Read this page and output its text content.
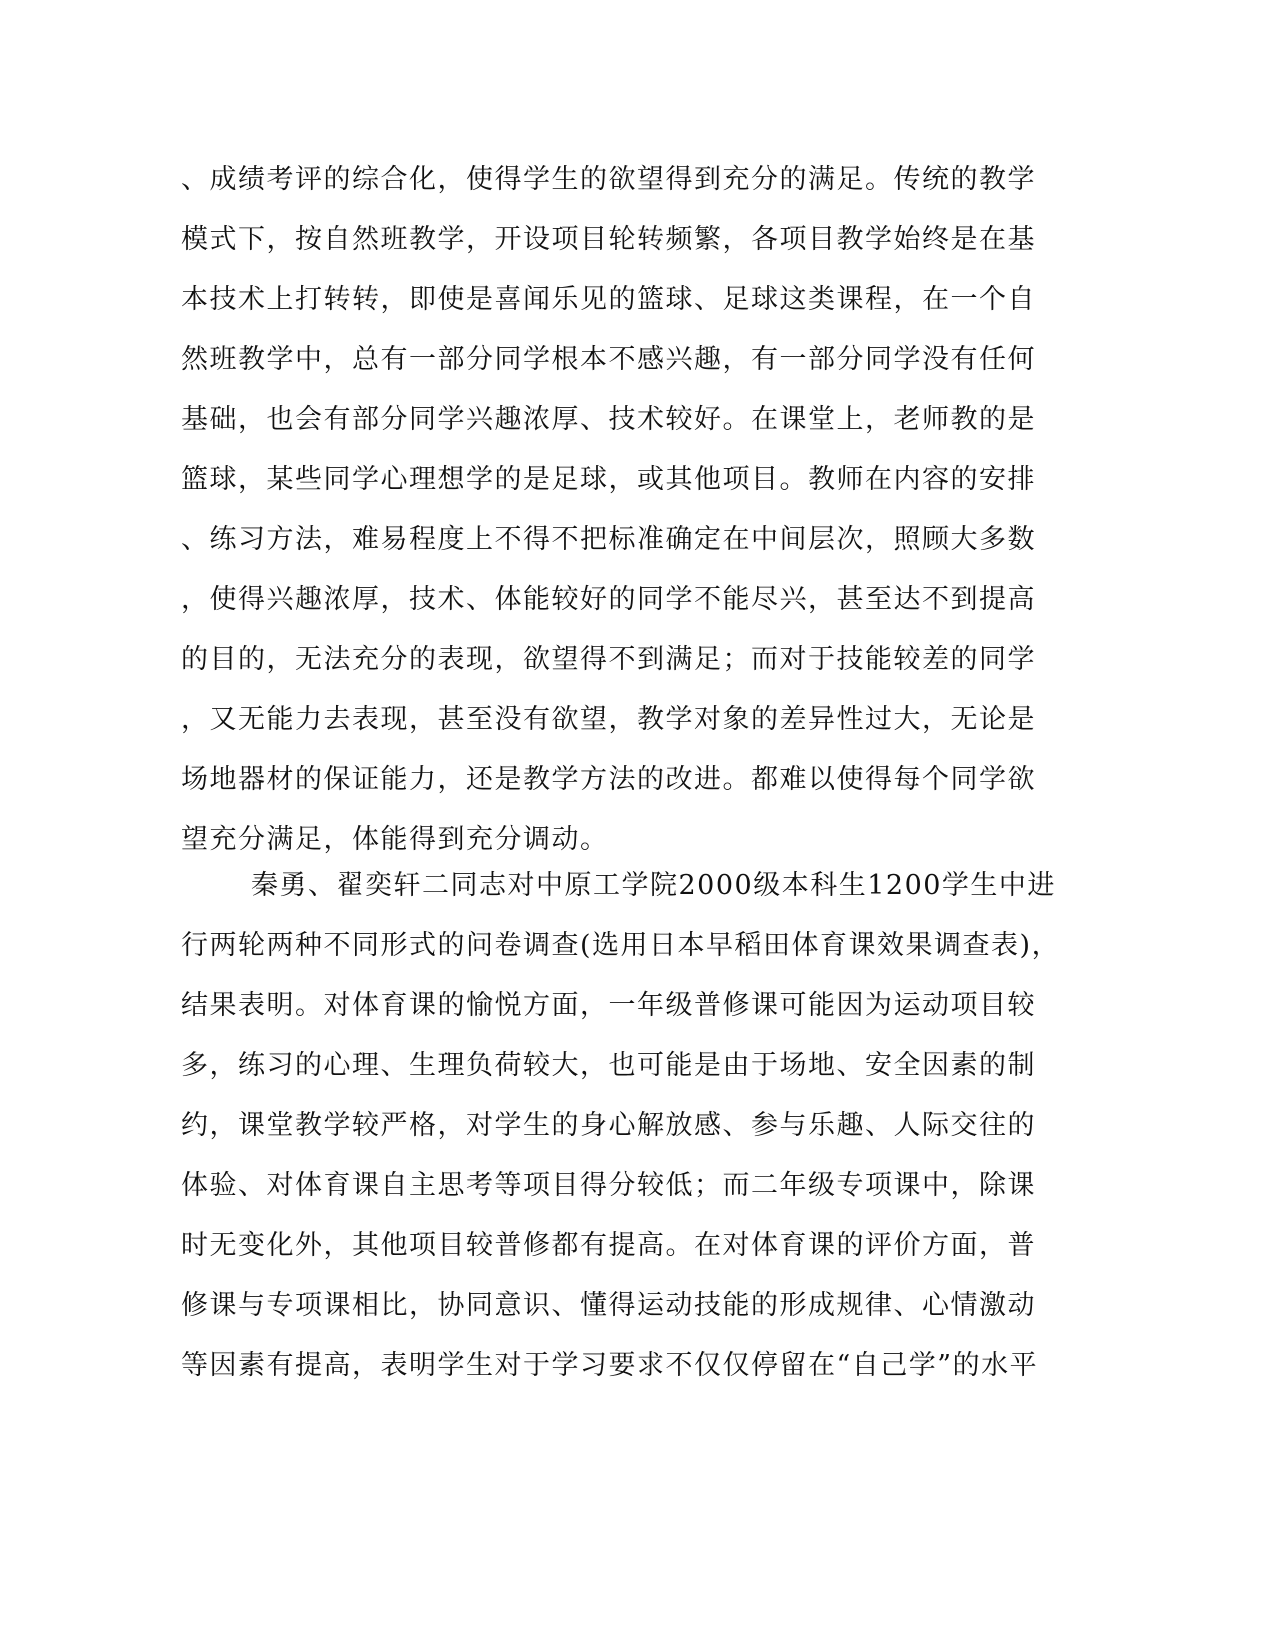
、成绩考评的综合化，使得学生的欲望得到充分的满足。传统的教学
模式下，按自然班教学，开设项目轮转频繁，各项目教学始终是在基
本技术上打转转，即使是喜闻乐见的篮球、足球这类课程，在一个自
然班教学中，总有一部分同学根本不感兴趣，有一部分同学没有任何
基础，也会有部分同学兴趣浓厚、技术较好。在课堂上，老师教的是
篮球，某些同学心理想学的是足球，或其他项目。教师在内容的安排
、练习方法，难易程度上不得不把标准确定在中间层次，照顾大多数
，使得兴趣浓厚，技术、体能较好的同学不能尽兴，甚至达不到提高
的目的，无法充分的表现，欲望得不到满足；而对于技能较差的同学
，又无能力去表现，甚至没有欲望，教学对象的差异性过大，无论是
场地器材的保证能力，还是教学方法的改进。都难以使得每个同学欲
望充分满足，体能得到充分调动。
秦勇、翟奕轩二同志对中原工学院2000级本科生1200学生中进
行两轮两种不同形式的问卷调查(选用日本早稻田体育课效果调查表)，
结果表明。对体育课的愉悦方面，一年级普修课可能因为运动项目较
多，练习的心理、生理负荷较大，也可能是由于场地、安全因素的制
约，课堂教学较严格，对学生的身心解放感、参与乐趣、人际交往的
体验、对体育课自主思考等项目得分较低；而二年级专项课中，除课
时无变化外，其他项目较普修都有提高。在对体育课的评价方面，普
修课与专项课相比，协同意识、懂得运动技能的形成规律、心情激动
等因素有提高，表明学生对于学习要求不仅仅停留在“自己学”的水平
